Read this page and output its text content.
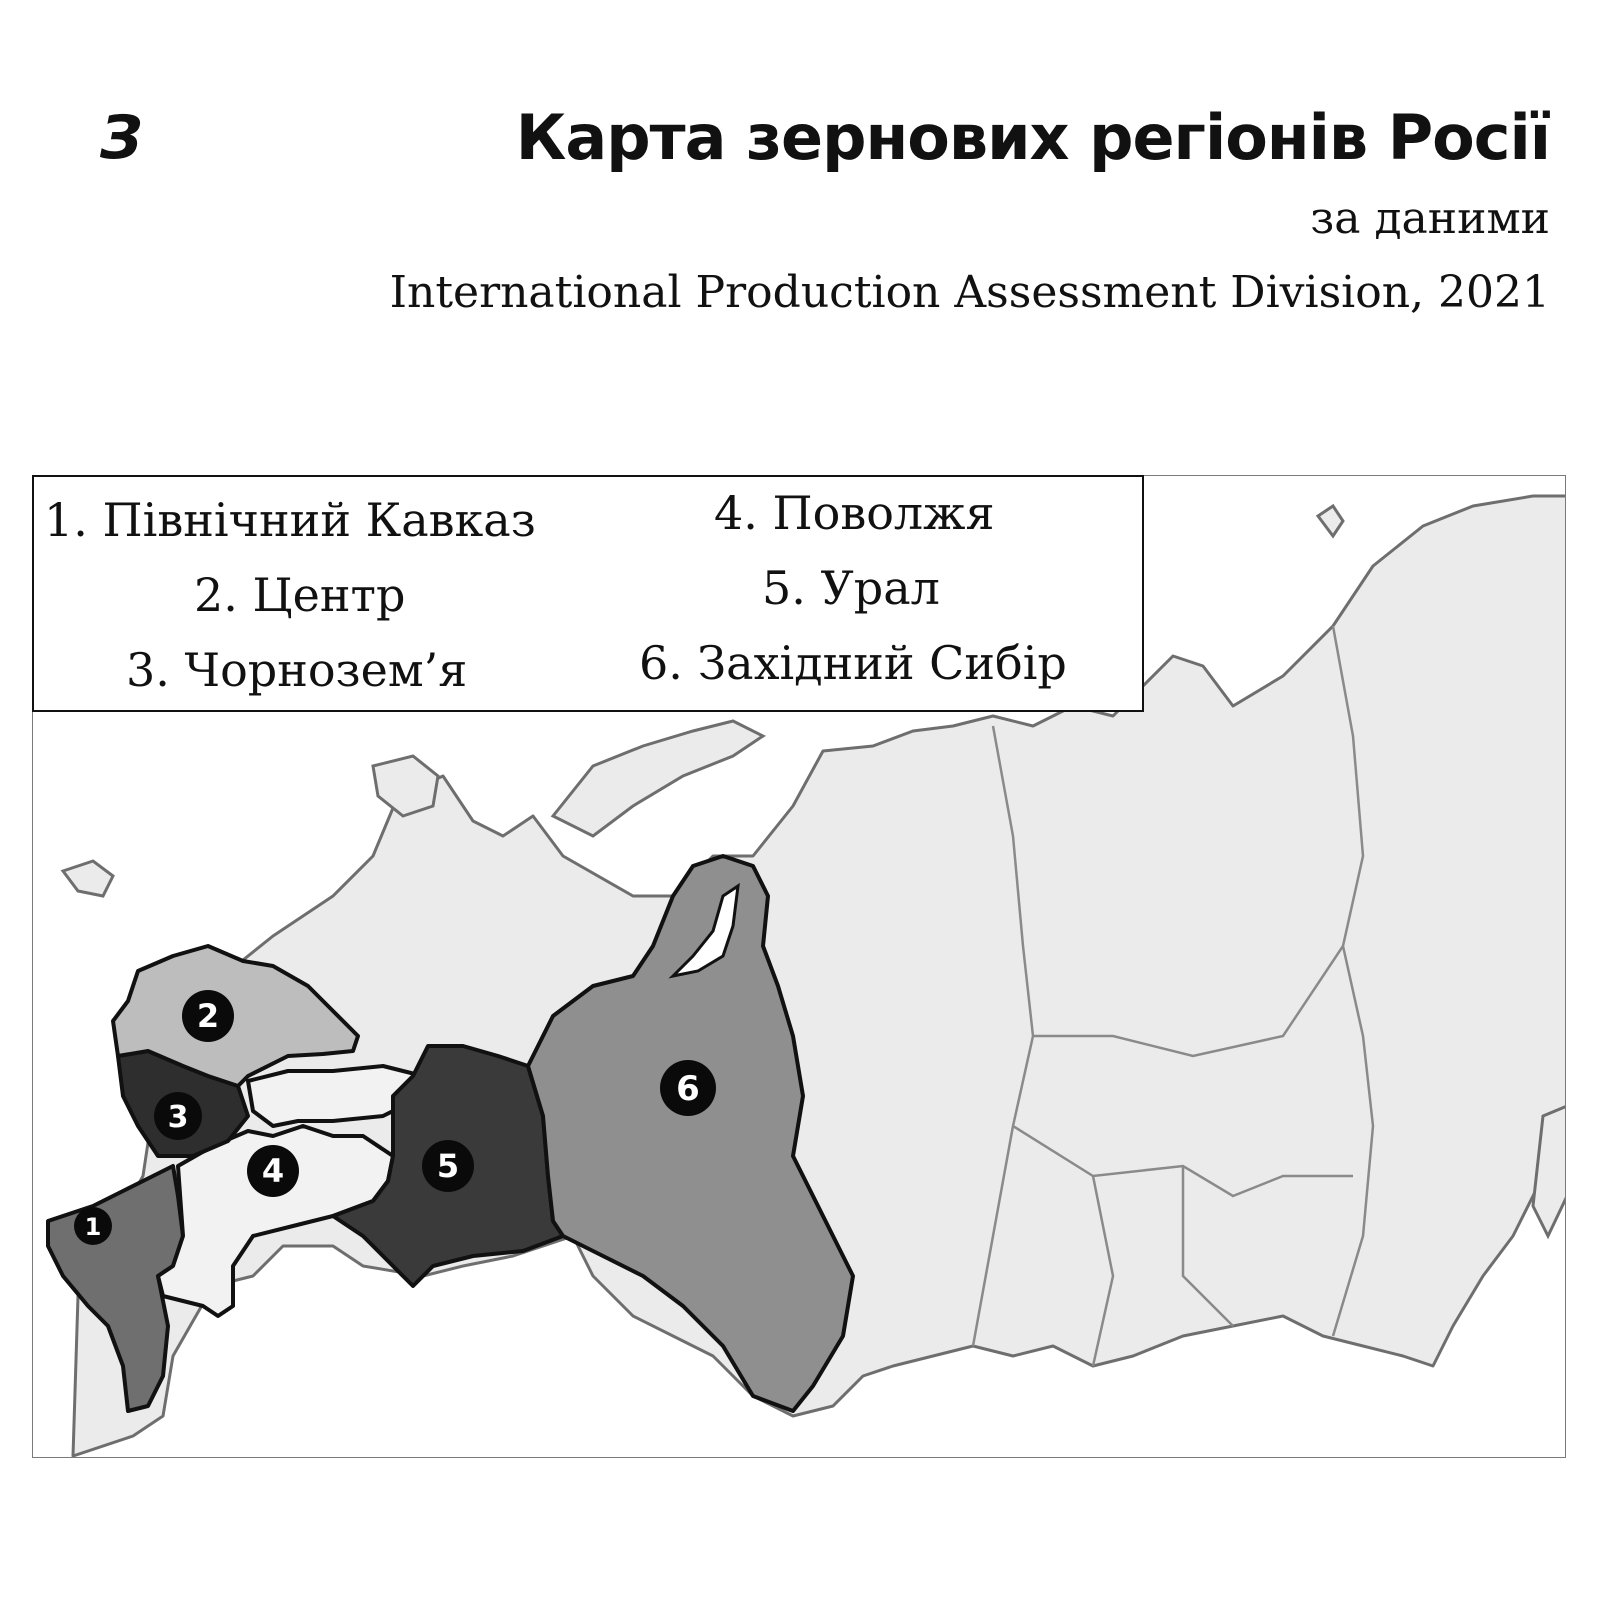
З	Карта зернових регіонів Росії
за даними
International Production Assessment Division, 2021
1
2
3
4	5
6
1. Північний Кавказ
2. Центр
3. Чорнозем’я
4. Поволжя
5. Урал
6. Західний Сибір
